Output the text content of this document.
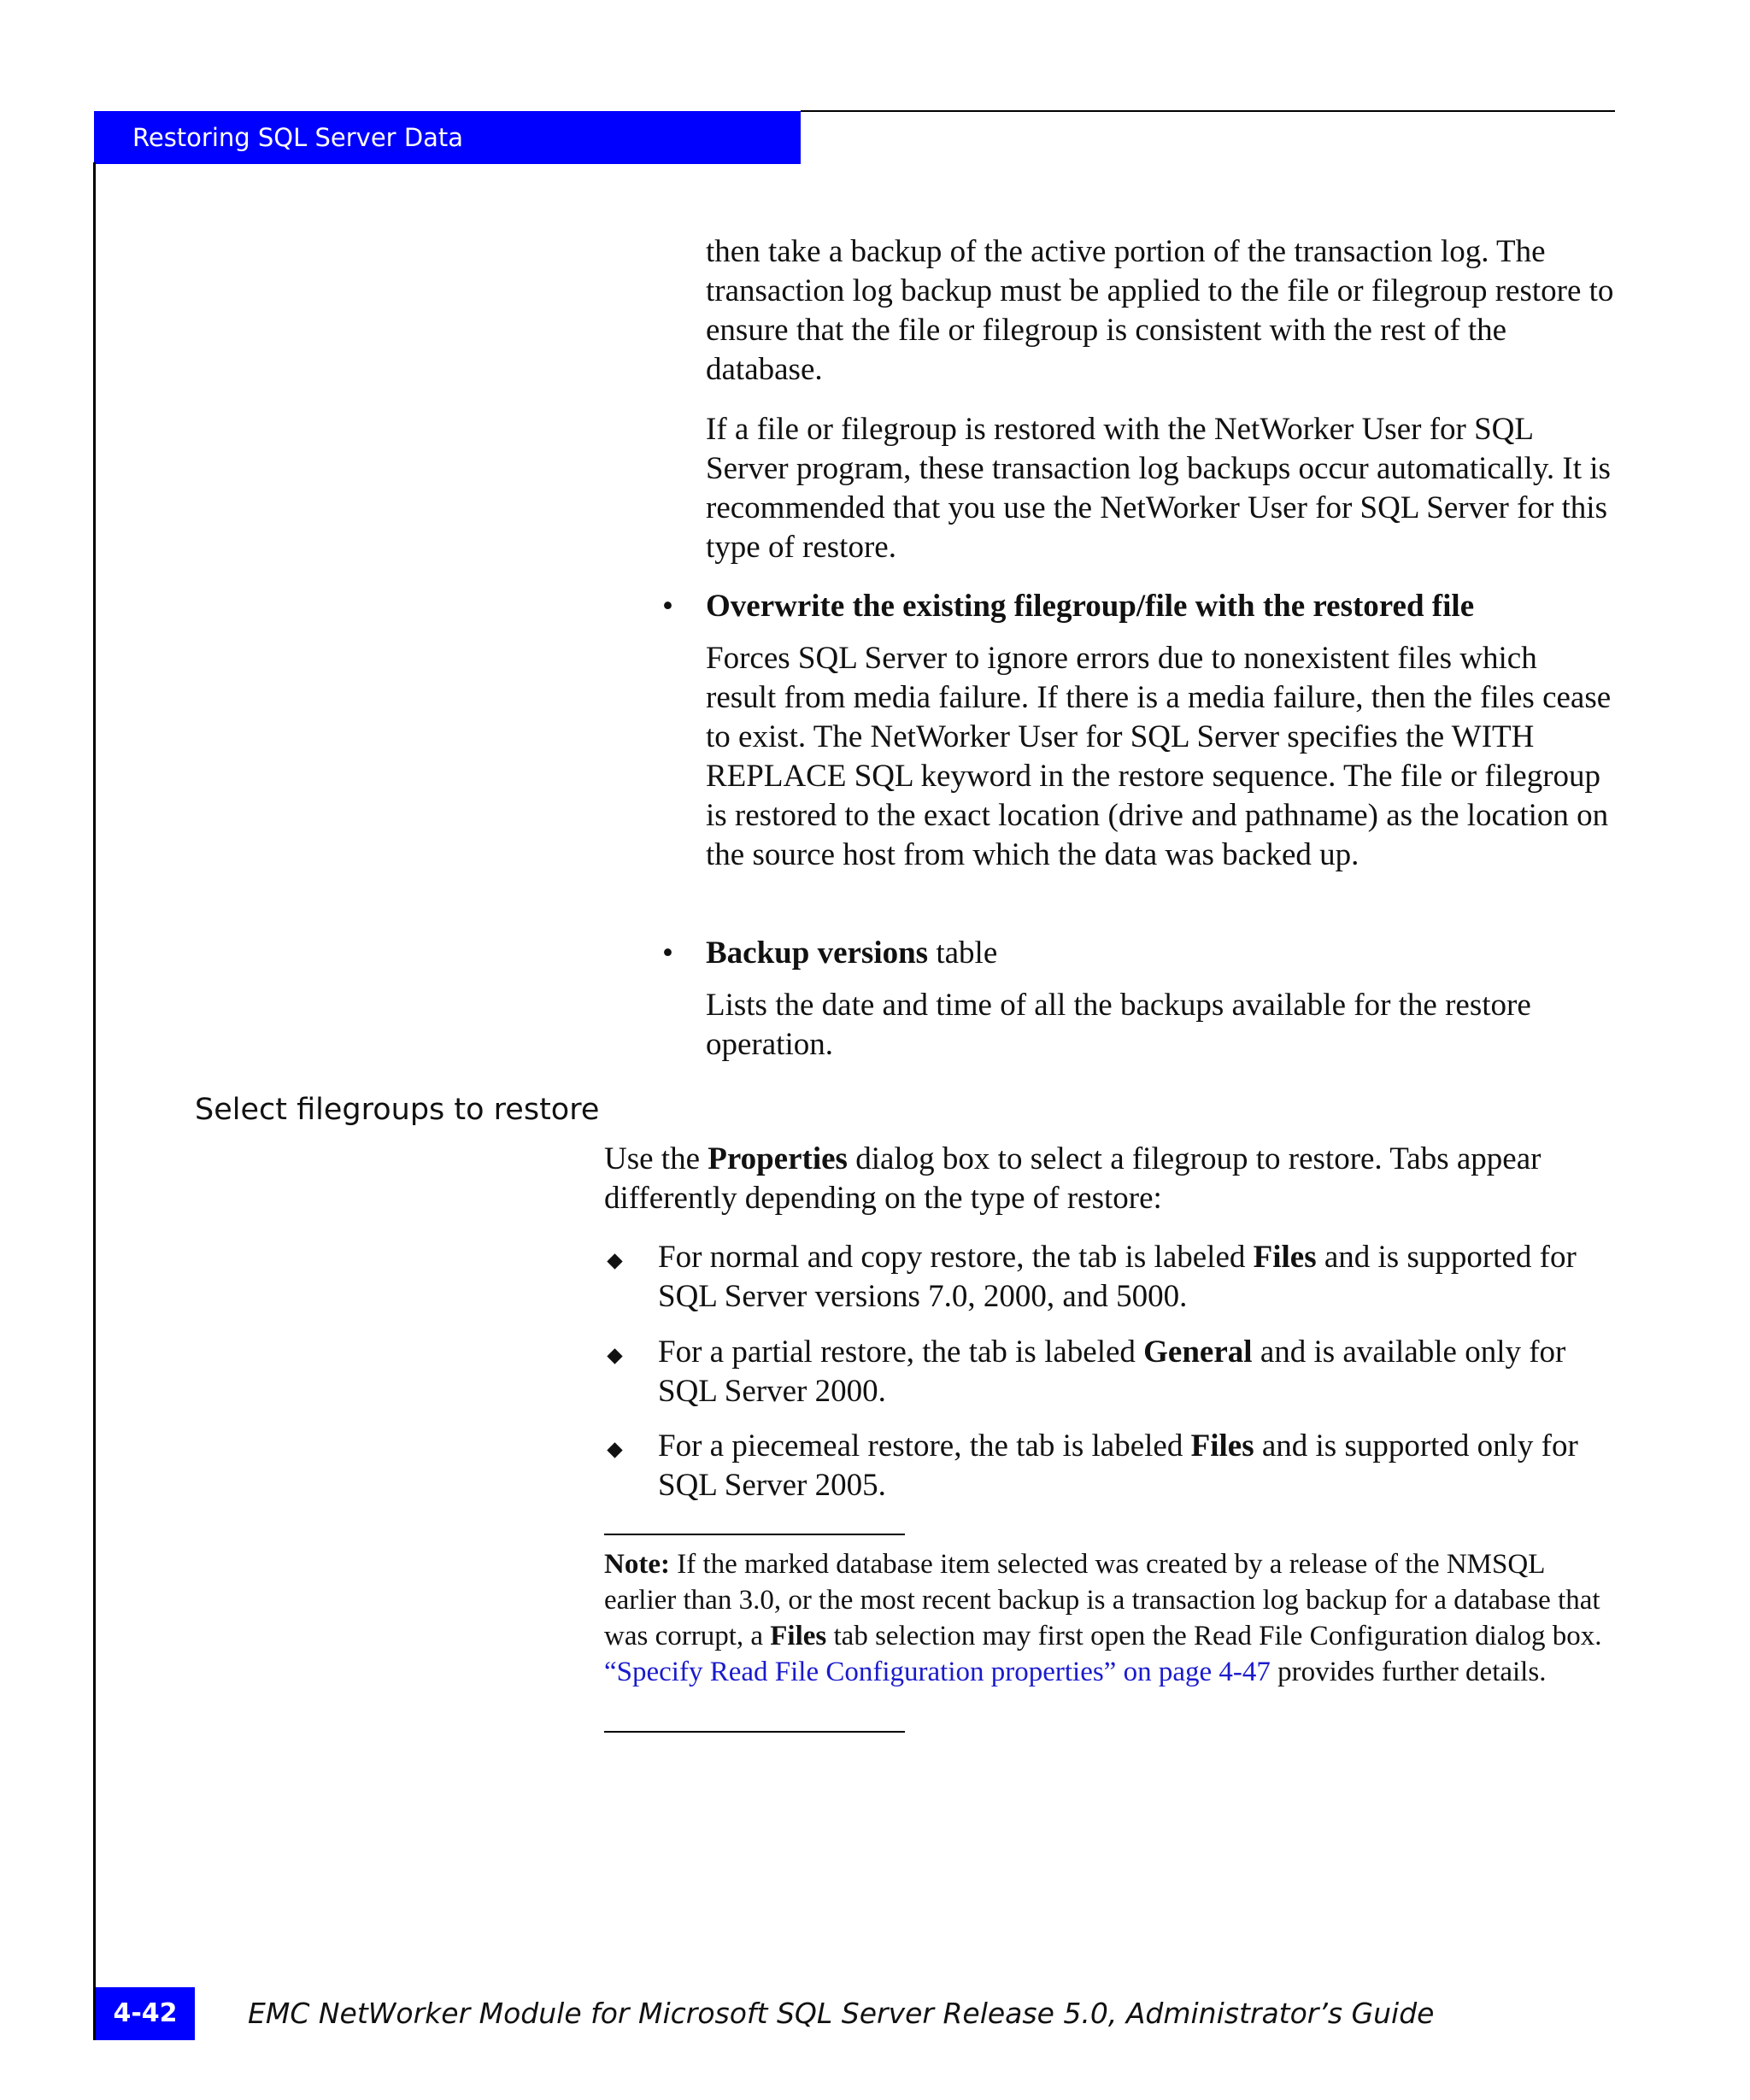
Restoring SQL Server Data

then take a backup of the active portion of the transaction log. The transaction log backup must be applied to the file or filegroup restore to ensure that the file or filegroup is consistent with the rest of the database.

If a file or filegroup is restored with the NetWorker User for SQL Server program, these transaction log backups occur automatically. It is recommended that you use the NetWorker User for SQL Server for this type of restore.

• Overwrite the existing filegroup/file with the restored file

Forces SQL Server to ignore errors due to nonexistent files which result from media failure. If there is a media failure, then the files cease to exist. The NetWorker User for SQL Server specifies the WITH REPLACE SQL keyword in the restore sequence. The file or filegroup is restored to the exact location (drive and pathname) as the location on the source host from which the data was backed up.

• Backup versions table

Lists the date and time of all the backups available for the restore operation.

Select filegroups to restore

Use the Properties dialog box to select a filegroup to restore. Tabs appear differently depending on the type of restore:

For normal and copy restore, the tab is labeled Files and is supported for SQL Server versions 7.0, 2000, and 5000.

For a partial restore, the tab is labeled General and is available only for SQL Server 2000.

For a piecemeal restore, the tab is labeled Files and is supported only for SQL Server 2005.

Note: If the marked database item selected was created by a release of the NMSQL earlier than 3.0, or the most recent backup is a transaction log backup for a database that was corrupt, a Files tab selection may first open the Read File Configuration dialog box. “Specify Read File Configuration properties” on page 4-47 provides further details.

4-42	EMC NetWorker Module for Microsoft SQL Server Release 5.0, Administrator’s Guide
